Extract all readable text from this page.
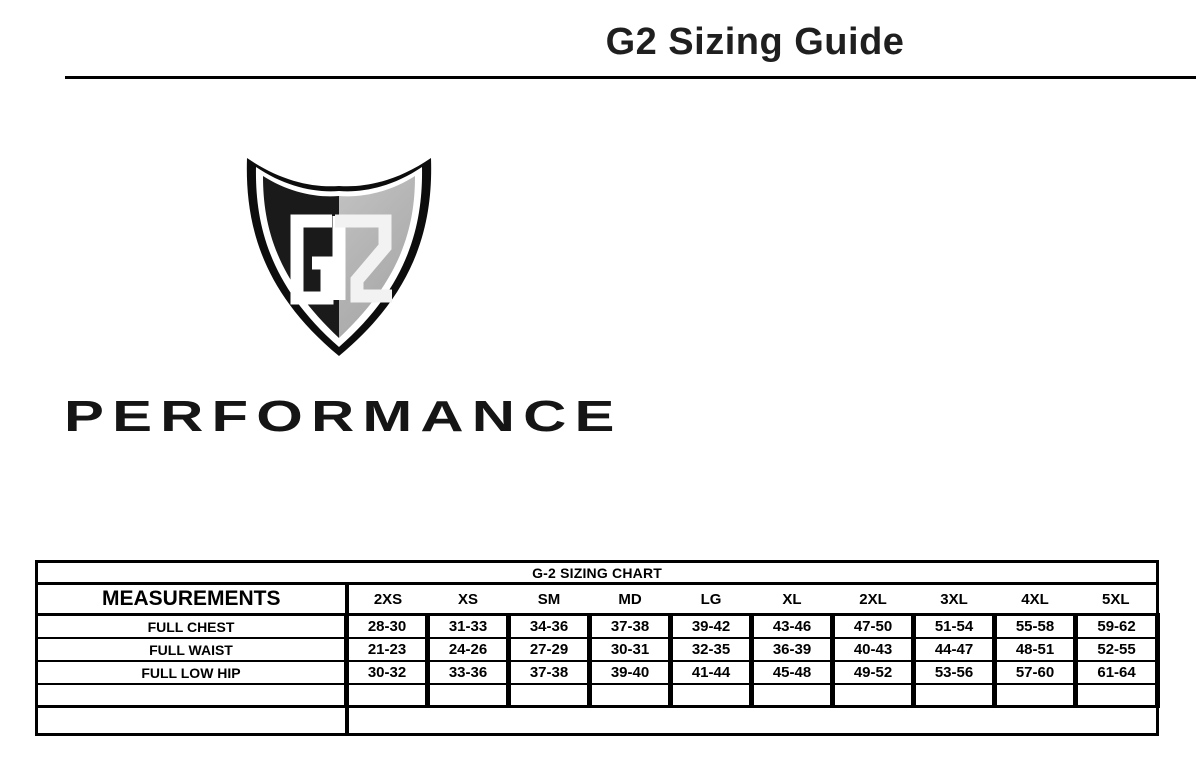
G2 Sizing Guide
PERFORMANCE
G-2 SIZING CHART										
MEASUREMENTS	2XS	XS	SM	MD	LG	XL	2XL	3XL	4XL	5XL
FULL CHEST	28-30	31-33	34-36	37-38	39-42	43-46	47-50	51-54	55-58	59-62
FULL WAIST	21-23	24-26	27-29	30-31	32-35	36-39	40-43	44-47	48-51	52-55
FULL LOW HIP	30-32	33-36	37-38	39-40	41-44	45-48	49-52	53-56	57-60	61-64
